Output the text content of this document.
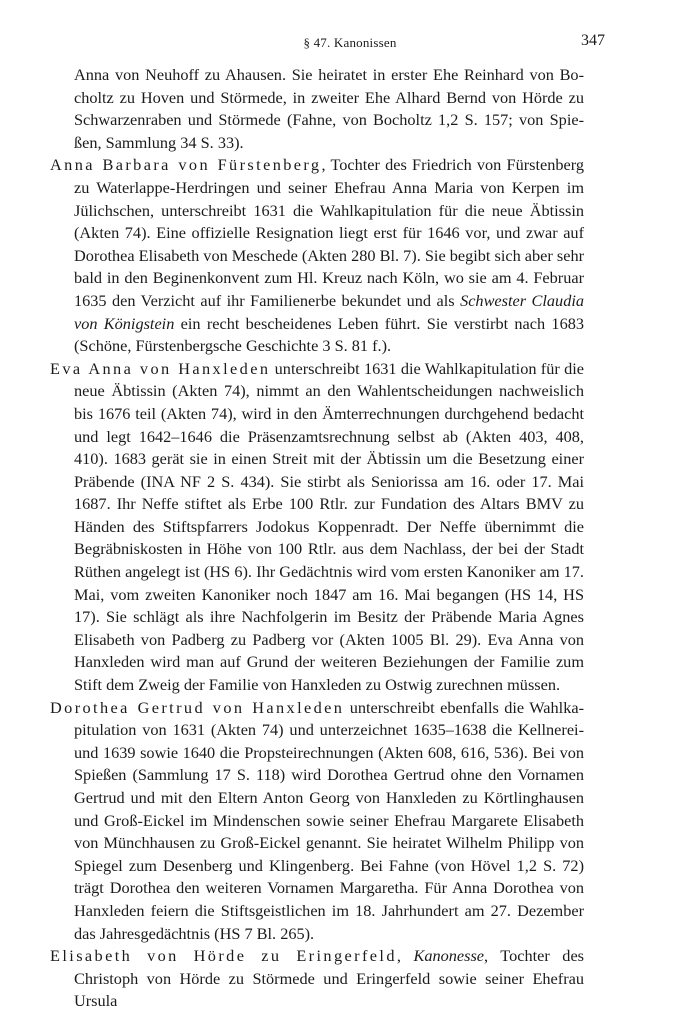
§ 47. Kanonissen	347

Anna von Neuhoff zu Ahausen. Sie heiratet in erster Ehe Reinhard von Bocholtz zu Hoven und Störmede, in zweiter Ehe Alhard Bernd von Hörde zu Schwarzenraben und Störmede (Fahne, von Bocholtz 1,2 S. 157; von Spießen, Sammlung 34 S. 33).

Anna Barbara von Fürstenberg, Tochter des Friedrich von Fürstenberg zu Waterlappe-Herdringen und seiner Ehefrau Anna Maria von Kerpen im Jülichschen, unterschreibt 1631 die Wahlkapitulation für die neue Äbtissin (Akten 74). Eine offizielle Resignation liegt erst für 1646 vor, und zwar auf Dorothea Elisabeth von Meschede (Akten 280 Bl. 7). Sie begibt sich aber sehr bald in den Beginenkonvent zum Hl. Kreuz nach Köln, wo sie am 4. Februar 1635 den Verzicht auf ihr Familienerbe bekundet und als Schwester Claudia von Königstein ein recht bescheidenes Leben führt. Sie verstirbt nach 1683 (Schöne, Fürstenbergsche Geschichte 3 S. 81 f.).

Eva Anna von Hanxleden unterschreibt 1631 die Wahlkapitulation für die neue Äbtissin (Akten 74), nimmt an den Wahlentscheidungen nachweislich bis 1676 teil (Akten 74), wird in den Ämterrechnungen durchgehend bedacht und legt 1642–1646 die Präsenzamtsrechnung selbst ab (Akten 403, 408, 410). 1683 gerät sie in einen Streit mit der Äbtissin um die Besetzung einer Präbende (INA NF 2 S. 434). Sie stirbt als Seniorissa am 16. oder 17. Mai 1687. Ihr Neffe stiftet als Erbe 100 Rtlr. zur Fundation des Altars BMV zu Händen des Stiftspfarrers Jodokus Koppenradt. Der Neffe übernimmt die Begräbniskosten in Höhe von 100 Rtlr. aus dem Nachlass, der bei der Stadt Rüthen angelegt ist (HS 6). Ihr Gedächtnis wird vom ersten Kanoniker am 17. Mai, vom zweiten Kanoniker noch 1847 am 16. Mai begangen (HS 14, HS 17). Sie schlägt als ihre Nachfolgerin im Besitz der Präbende Maria Agnes Elisabeth von Padberg zu Padberg vor (Akten 1005 Bl. 29). Eva Anna von Hanxleden wird man auf Grund der weiteren Beziehungen der Familie zum Stift dem Zweig der Familie von Hanxleden zu Ostwig zurechnen müssen.

Dorothea Gertrud von Hanxleden unterschreibt ebenfalls die Wahlkapitulation von 1631 (Akten 74) und unterzeichnet 1635–1638 die Kellnerei- und 1639 sowie 1640 die Propsteirechnungen (Akten 608, 616, 536). Bei von Spießen (Sammlung 17 S. 118) wird Dorothea Gertrud ohne den Vornamen Gertrud und mit den Eltern Anton Georg von Hanxleden zu Körtlinghausen und Groß-Eickel im Mindenschen sowie seiner Ehefrau Margarete Elisabeth von Münchhausen zu Groß-Eickel genannt. Sie heiratet Wilhelm Philipp von Spiegel zum Desenberg und Klingenberg. Bei Fahne (von Hövel 1,2 S. 72) trägt Dorothea den weiteren Vornamen Margaretha. Für Anna Dorothea von Hanxleden feiern die Stiftsgeistlichen im 18. Jahrhundert am 27. Dezember das Jahresgedächtnis (HS 7 Bl. 265).

Elisabeth von Hörde zu Eringerfeld, Kanonesse, Tochter des Christoph von Hörde zu Störmede und Eringerfeld sowie seiner Ehefrau Ursula
